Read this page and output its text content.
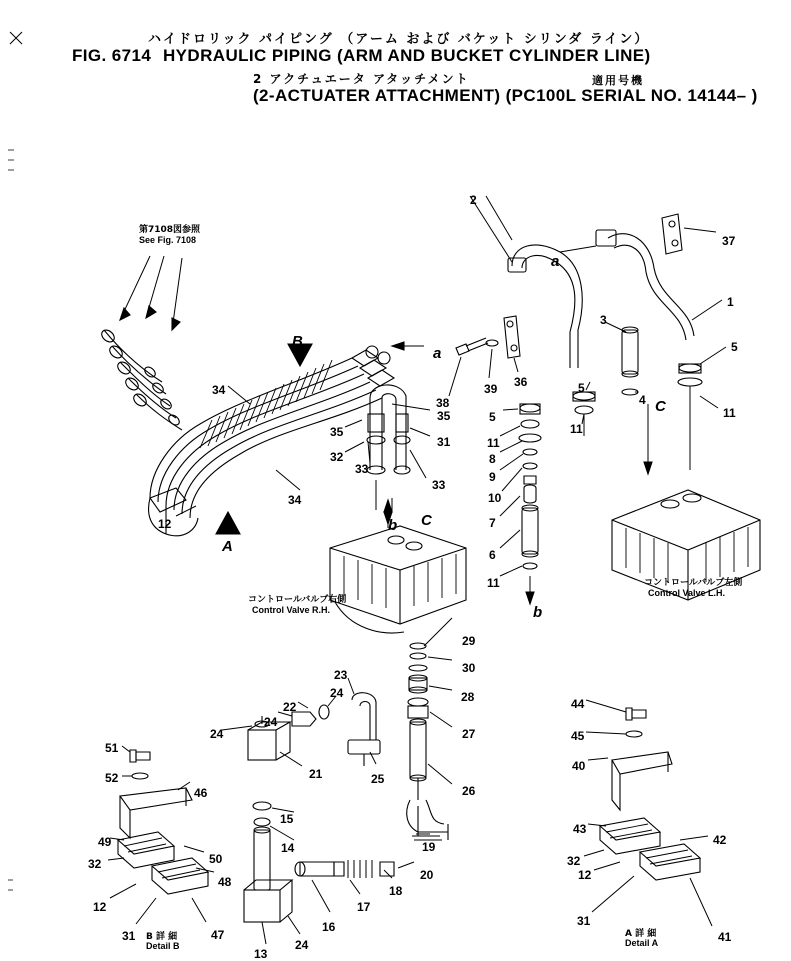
ハイドロリック パイピング （アーム および バケット シリンダ ライン）
FIG. 6714 HYDRAULIC PIPING (ARM AND BUCKET CYLINDER LINE)
2 アクチュエータ アタッチメント	適用号機
(2-ACTUATER ATTACHMENT) (PC100L SERIAL NO. 14144– )
第7108図参照
See Fig. 7108
コントロールバルブ右側
Control Valve R.H.
コントロールバルブ左側
Control Valve L.H.
B 詳 細
Detail B
A 詳 細
Detail A
A
B
C
C
a
a
b
b
2
37
1
3
5
4
11
38
39 36
5
5
11
11
8
9
10
7
6
11
34
34
35
35
31
32
33
33
12
29
30
28
27
26
23
24
22
24
24
21	25
15
14	19
20
18
17
16
24
13
51
52
46
49
50
32
48
12
47
31
44
45
40
43
42
32
12
31
41
